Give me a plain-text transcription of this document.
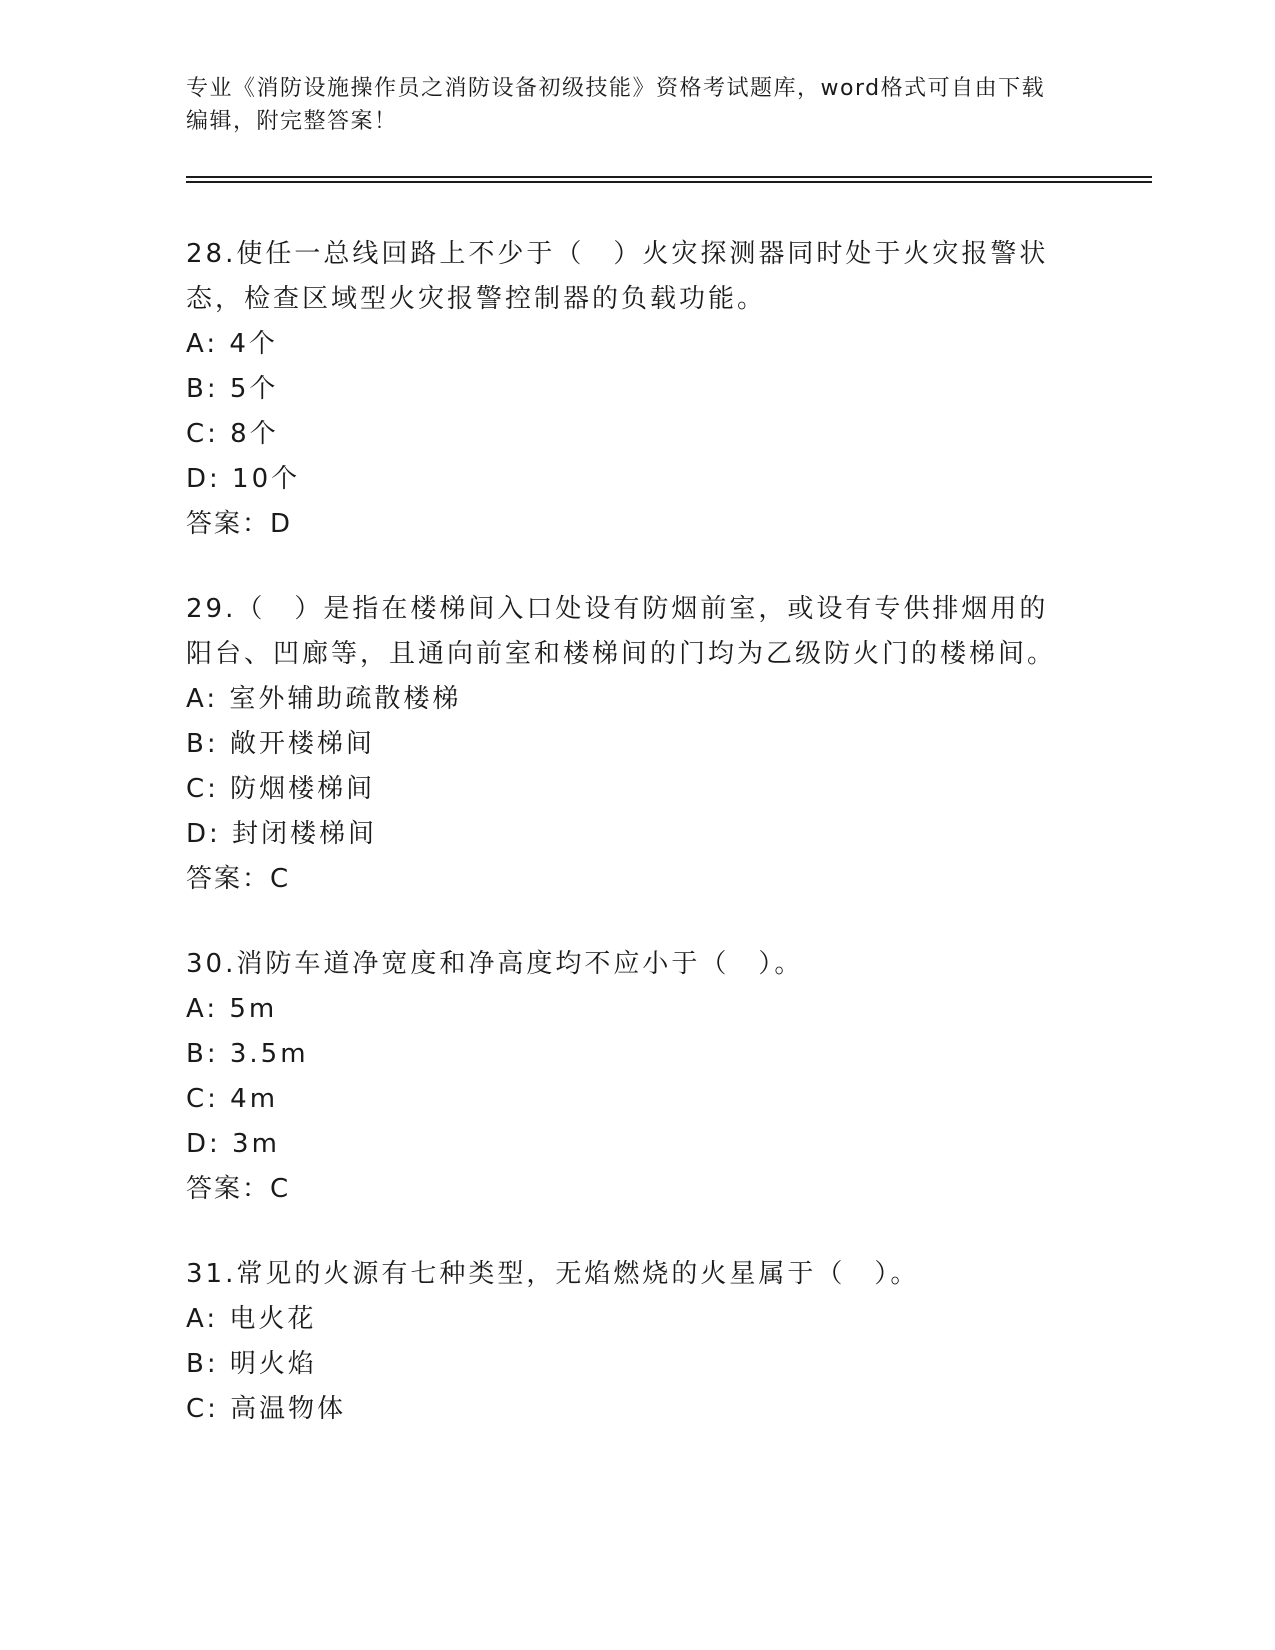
专业《消防设施操作员之消防设备初级技能》资格考试题库，word格式可自由下载编辑，附完整答案！
28.使任一总线回路上不少于（　）火灾探测器同时处于火灾报警状态，检查区域型火灾报警控制器的负载功能。
A: 4个
B: 5个
C: 8个
D: 10个
答案：D
29.（　）是指在楼梯间入口处设有防烟前室，或设有专供排烟用的阳台、凹廊等，且通向前室和楼梯间的门均为乙级防火门的楼梯间。
A: 室外辅助疏散楼梯
B: 敞开楼梯间
C: 防烟楼梯间
D: 封闭楼梯间
答案：C
30.消防车道净宽度和净高度均不应小于（　）。
A: 5m
B: 3.5m
C: 4m
D: 3m
答案：C
31.常见的火源有七种类型，无焰燃烧的火星属于（　）。
A: 电火花
B: 明火焰
C: 高温物体
